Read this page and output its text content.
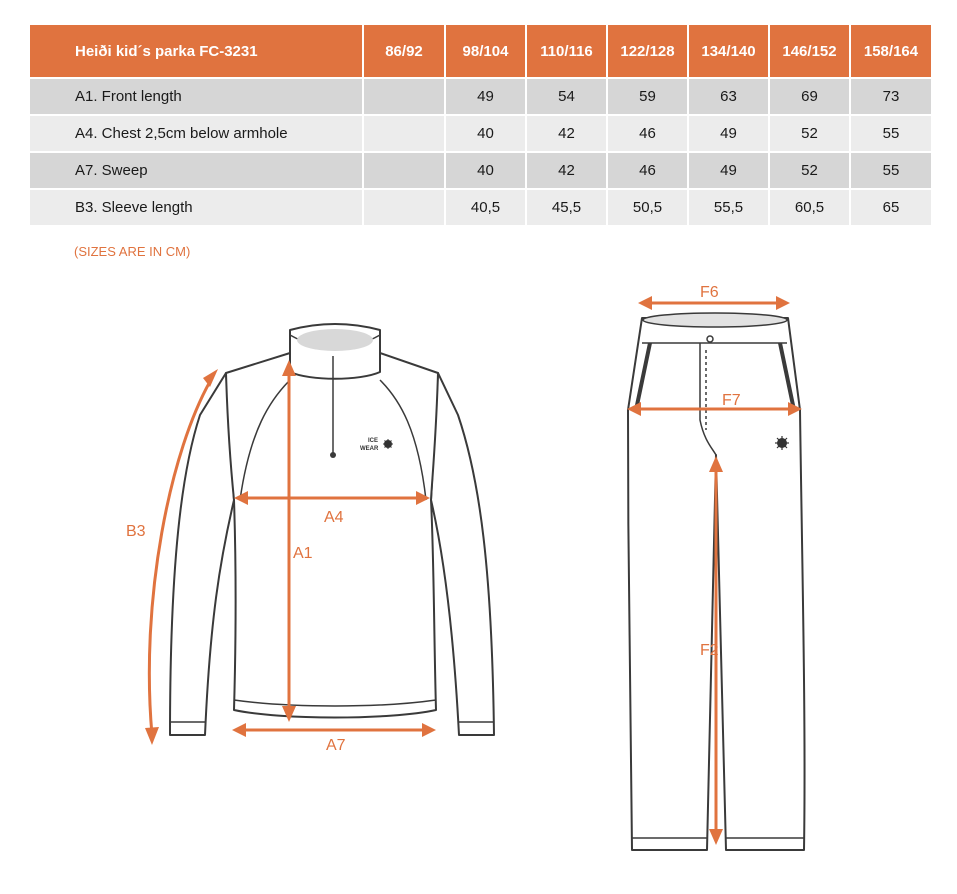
Heiði kid´s parka FC-3231	86/92	98/104	110/116	122/128	134/140	146/152	158/164
A1. Front length		49	54	59	63	69	73
A4. Chest 2,5cm below armhole		40	42	46	49	52	55
A7. Sweep		40	42	46	49	52	55
B3. Sleeve length		40,5	45,5	50,5	55,5	60,5	65
(SIZES ARE IN CM)
ICE
WEAR
B3
A4
A1
A7
F6
F7
F2
